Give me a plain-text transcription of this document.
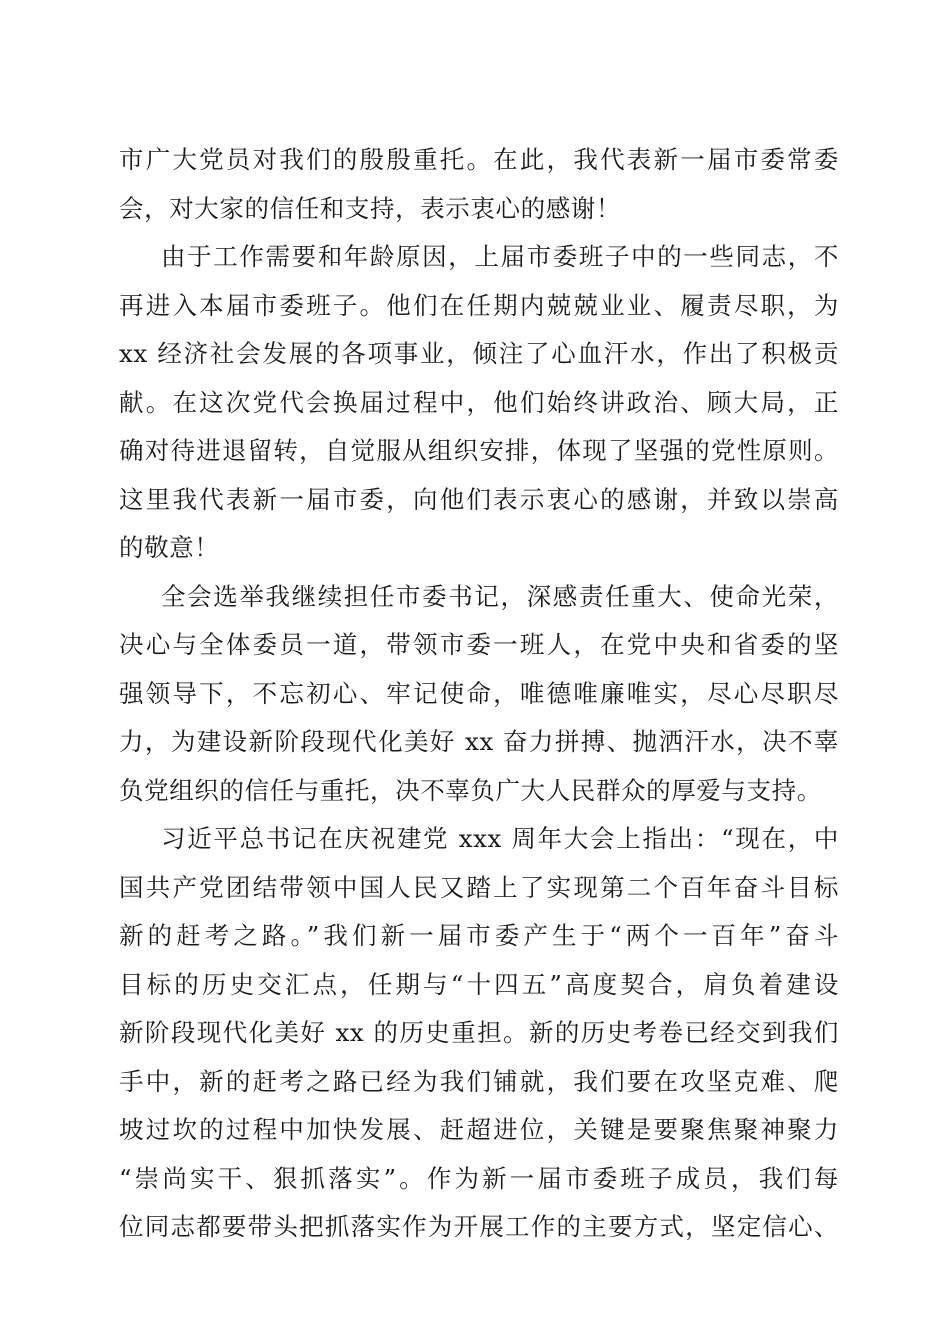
市广大党员对我们的殷殷重托。在此，我代表新一届市委常委
会，对大家的信任和支持，表示衷心的感谢！
由于工作需要和年龄原因，上届市委班子中的一些同志，不
再进入本届市委班子。他们在任期内兢兢业业、履责尽职，为
xx 经济社会发展的各项事业，倾注了心血汗水，作出了积极贡
献。在这次党代会换届过程中，他们始终讲政治、顾大局，正
确对待进退留转，自觉服从组织安排，体现了坚强的党性原则。
这里我代表新一届市委，向他们表示衷心的感谢，并致以崇高
的敬意！
全会选举我继续担任市委书记，深感责任重大、使命光荣，
决心与全体委员一道，带领市委一班人，在党中央和省委的坚
强领导下，不忘初心、牢记使命，唯德唯廉唯实，尽心尽职尽
力，为建设新阶段现代化美好 xx 奋力拼搏、抛洒汗水，决不辜
负党组织的信任与重托，决不辜负广大人民群众的厚爱与支持。
习近平总书记在庆祝建党 xxx 周年大会上指出：“现在，中
国共产党团结带领中国人民又踏上了实现第二个百年奋斗目标
新的赶考之路。”我们新一届市委产生于“两个一百年”奋斗
目标的历史交汇点，任期与“十四五”高度契合，肩负着建设
新阶段现代化美好 xx 的历史重担。新的历史考卷已经交到我们
手中，新的赶考之路已经为我们铺就，我们要在攻坚克难、爬
坡过坎的过程中加快发展、赶超进位，关键是要聚焦聚神聚力
“崇尚实干、狠抓落实”。作为新一届市委班子成员，我们每
位同志都要带头把抓落实作为开展工作的主要方式，坚定信心、
